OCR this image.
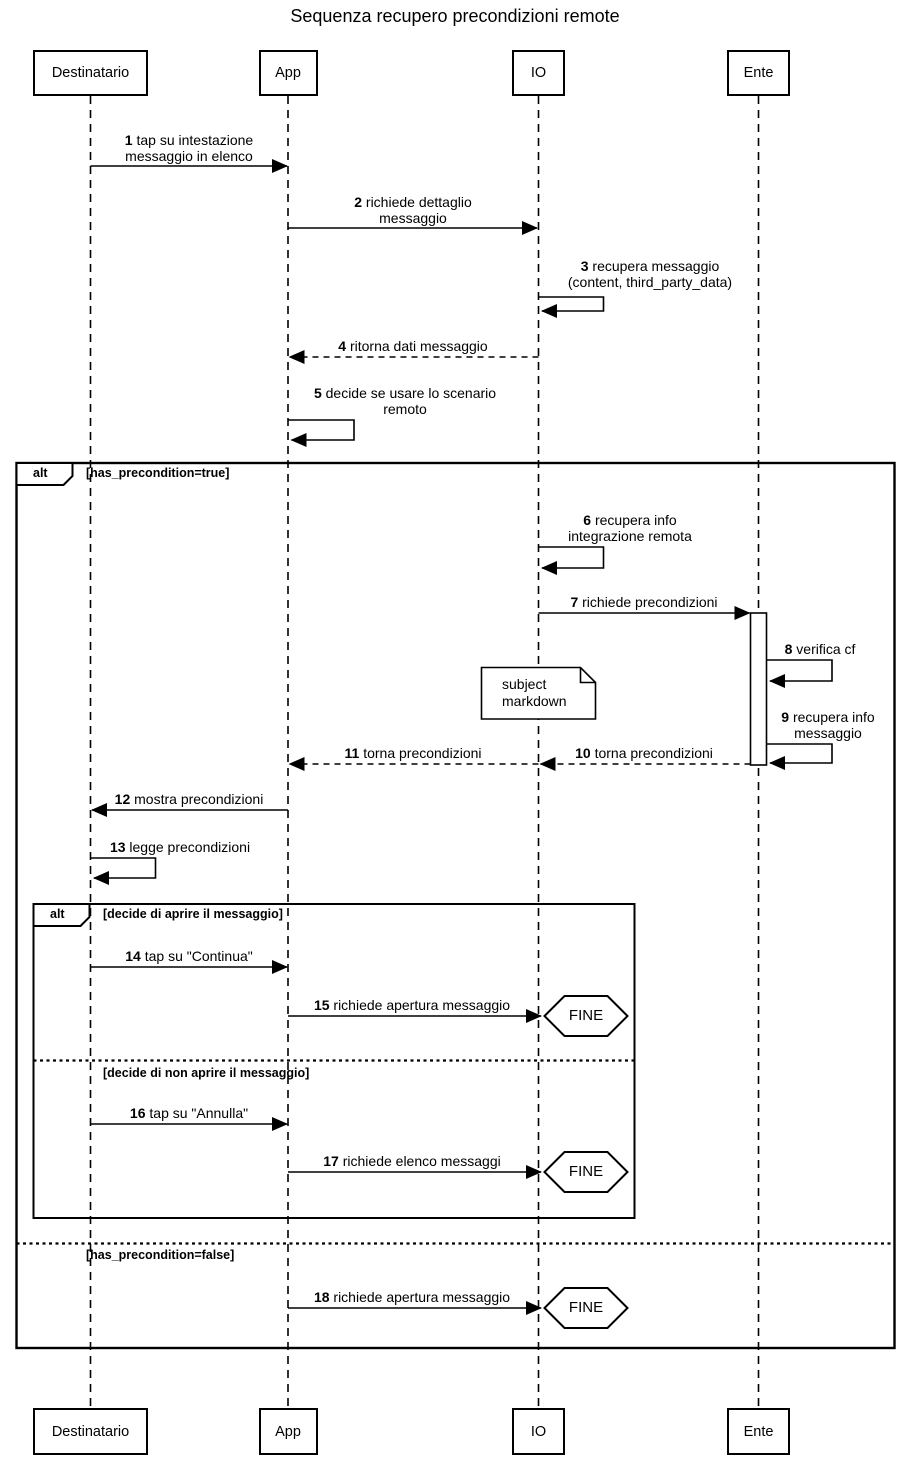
Sequenza recupero precondizioni remote
Destinatario	App	IO	Ente
Destinatario	App	IO	Ente
1 tap su intestazione messaggio in elenco
2 richiede dettaglio messaggio
3 recupera messaggio (content, third_party_data)
4 ritorna dati messaggio
5 decide se usare lo scenario remoto
6 recupera info integrazione remota
7 richiede precondizioni
8 verifica cf
9 recupera info messaggio
10 torna precondizioni
11 torna precondizioni
12 mostra precondizioni
13 legge precondizioni
14 tap su "Continua"
15 richiede apertura messaggio
16 tap su "Annulla"
17 richiede elenco messaggi
18 richiede apertura messaggio
alt	[has_precondition=true]
alt	[decide di aprire il messaggio]
[decide di non aprire il messaggio]
[has_precondition=false]
subject markdown
FINE
FINE
FINE
